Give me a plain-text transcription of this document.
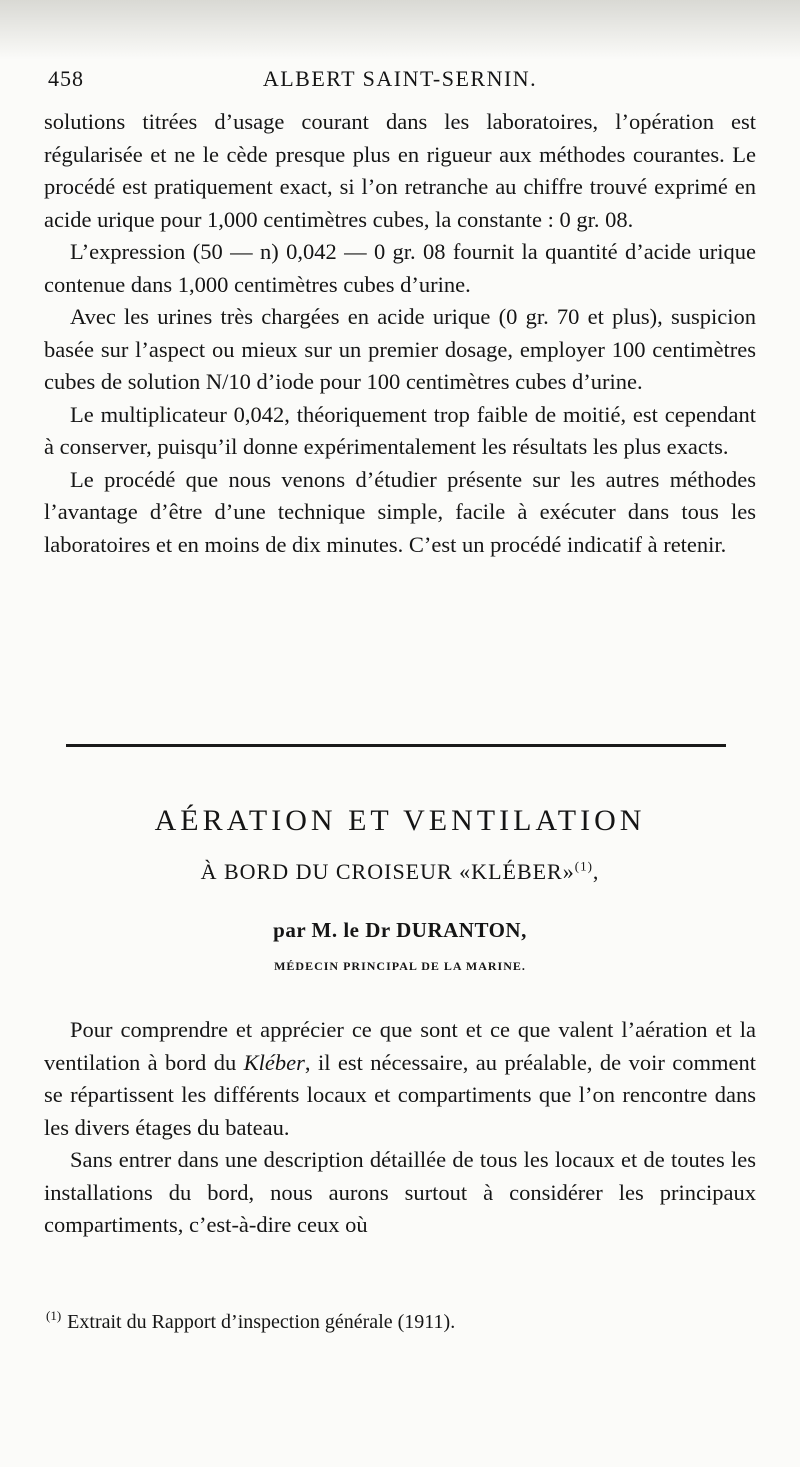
458	ALBERT SAINT-SERNIN.

solutions titrées d’usage courant dans les laboratoires, l’opération est régularisée et ne le cède presque plus en rigueur aux méthodes courantes. Le procédé est pratiquement exact, si l’on retranche au chiffre trouvé exprimé en acide urique pour 1,000 centimètres cubes, la constante : 0 gr. 08.

L’expression (50 — n) 0,042 — 0 gr. 08 fournit la quantité d’acide urique contenue dans 1,000 centimètres cubes d’urine.

Avec les urines très chargées en acide urique (0 gr. 70 et plus), suspicion basée sur l’aspect ou mieux sur un premier dosage, employer 100 centimètres cubes de solution N/10 d’iode pour 100 centimètres cubes d’urine.

Le multiplicateur 0,042, théoriquement trop faible de moitié, est cependant à conserver, puisqu’il donne expérimentalement les résultats les plus exacts.

Le procédé que nous venons d’étudier présente sur les autres méthodes l’avantage d’être d’une technique simple, facile à exécuter dans tous les laboratoires et en moins de dix minutes. C’est un procédé indicatif à retenir.

AÉRATION ET VENTILATION
À BORD DU CROISEUR «KLÉBER»$^{(1)}$,
par M. le Dr DURANTON,
MÉDECIN PRINCIPAL DE LA MARINE.

Pour comprendre et apprécier ce que sont et ce que valent l’aération et la ventilation à bord du Kléber, il est nécessaire, au préalable, de voir comment se répartissent les différents locaux et compartiments que l’on rencontre dans les divers étages du bateau.

Sans entrer dans une description détaillée de tous les locaux et de toutes les installations du bord, nous aurons surtout à considérer les principaux compartiments, c’est-à-dire ceux où

$^{(1)}$ Extrait du Rapport d’inspection générale (1911).
